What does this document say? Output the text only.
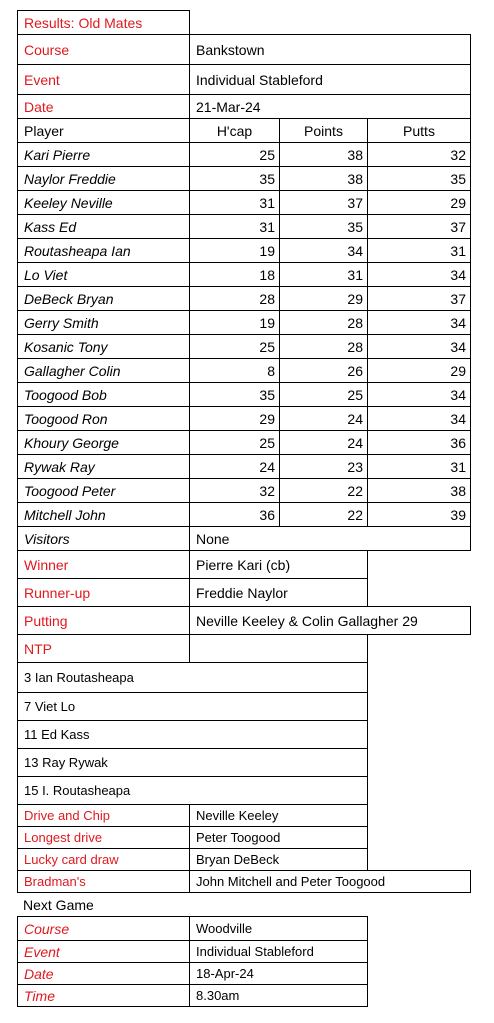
Results: Old Mates
Course	Bankstown
Event	Individual Stableford
Date	21-Mar-24
Player	H'cap	Points	Putts
Kari Pierre	25	38	32
Naylor Freddie	35	38	35
Keeley Neville	31	37	29
Kass Ed	31	35	37
Routasheapa Ian	19	34	31
Lo Viet	18	31	34
DeBeck Bryan	28	29	37
Gerry Smith	19	28	34
Kosanic Tony	25	28	34
Gallagher Colin	8	26	29
Toogood Bob	35	25	34
Toogood Ron	29	24	34
Khoury George	25	24	36
Rywak Ray	24	23	31
Toogood Peter	32	22	38
Mitchell John	36	22	39
Visitors	None
Winner	Pierre Kari (cb)
Runner-up	Freddie Naylor
Putting	Neville Keeley & Colin Gallagher 29
NTP
3 Ian Routasheapa
7 Viet Lo
11 Ed Kass
13 Ray Rywak
15 I. Routasheapa
Drive and Chip	Neville Keeley
Longest drive	Peter Toogood
Lucky card draw	Bryan DeBeck
Bradman's	John Mitchell and Peter Toogood
Next Game
Course	Woodville
Event	Individual Stableford
Date	18-Apr-24
Time	8.30am
